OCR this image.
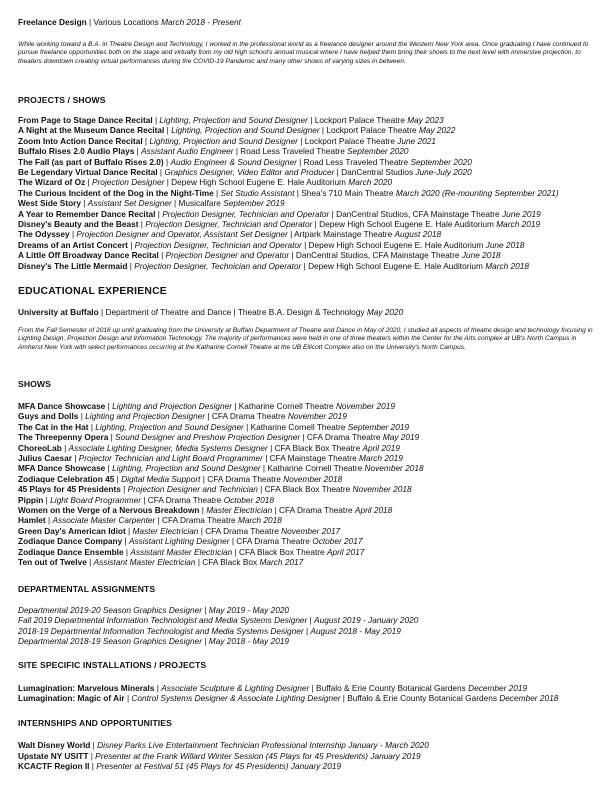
Freelance Design | Various Locations March 2018 - Present
While working toward a B.A. in Theatre Design and Technology, I worked in the professional world as a freelance designer around the Western New York area. Once graduating I have continued to pursue freelance opportunities both on the stage and virtually from my old high school's annual musical where I have helped them bring their shows to the next level with immersive projection, to theaters downtown creating virtual performances during the COVID-19 Pandemic and many other shows of varying sizes in between.
PROJECTS / SHOWS
From Page to Stage Dance Recital | Lighting, Projection and Sound Designer | Lockport Palace Theatre May 2023
A Night at the Museum Dance Recital | Lighting, Projection and Sound Designer | Lockport Palace Theatre May 2022
Zoom Into Action Dance Recital | Lighting, Projection and Sound Designer | Lockport Palace Theatre June 2021
Buffalo Rises 2.0 Audio Plays | Assistant Audio Engineer | Road Less Traveled Theatre September 2020
The Fall (as part of Buffalo Rises 2.0) | Audio Engineer & Sound Designer | Road Less Traveled Theatre September 2020
Be Legendary Virtual Dance Recital | Graphics Designer, Video Editor and Producer | DanCentral Studios June-July 2020
The Wizard of Oz | Projection Designer | Depew High School Eugene E. Hale Auditorium March 2020
The Curious Incident of the Dog in the Night-Time | Set Studio Assistant | Shea's 710 Main Theatre March 2020 (Re-mounting September 2021)
West Side Story | Assistant Set Designer | Musicalfare September 2019
A Year to Remember Dance Recital | Projection Designer, Technician and Operator | DanCentral Studios, CFA Mainstage Theatre June 2019
Disney's Beauty and the Beast | Projection Designer, Technician and Operator | Depew High School Eugene E. Hale Auditorium March 2019
The Odyssey | Projection Designer and Operator, Assistant Set Designer | Artpark Mainstage Theatre August 2018
Dreams of an Artist Concert | Projection Designer, Technician and Operator | Depew High School Eugene E. Hale Auditorium June 2018
A Little Off Broadway Dance Recital | Projection Designer and Operator | DanCentral Studios, CFA Mainstage Theatre June 2018
Disney's The Little Mermaid | Projection Designer, Technician and Operator | Depew High School Eugene E. Hale Auditorium March 2018
EDUCATIONAL EXPERIENCE
University at Buffalo | Department of Theatre and Dance | Theatre B.A. Design & Technology May 2020
From the Fall Semester of 2016 up until graduating from the University at Buffalo Department of Theatre and Dance in May of 2020, I studied all aspects of theatre design and technology focusing in Lighting Design, Projection Design and Information Technology. The majority of performances were held in one of three theaters within the Center for the Arts complex at UB's North Campus in Amherst New York with select performances occurring at the Katharine Cornell Theatre at the UB Ellicott Complex also on the University's North Campus.
SHOWS
MFA Dance Showcase | Lighting and Projection Designer | Katharine Cornell Theatre November 2019
Guys and Dolls | Lighting and Projection Designer | CFA Drama Theatre November 2019
The Cat in the Hat | Lighting, Projection and Sound Designer | Katharine Cornell Theatre September 2019
The Threepenny Opera | Sound Designer and Preshow Projection Designer | CFA Drama Theatre May 2019
ChoreoLab | Associate Lighting Designer, Media Systems Designer | CFA Black Box Theatre April 2019
Julius Caesar | Projector Technician and Light Board Programmer | CFA Mainstage Theatre March 2019
MFA Dance Showcase | Lighting, Projection and Sound Designer | Katharine Cornell Theatre November 2018
Zodiaque Celebration 45 | Digital Media Support | CFA Drama Theatre November 2018
45 Plays for 45 Presidents | Projection Designer and Technician | CFA Black Box Theatre November 2018
Pippin | Light Board Programmer | CFA Drama Theatre October 2018
Women on the Verge of a Nervous Breakdown | Master Electrician | CFA Drama Theatre April 2018
Hamlet | Associate Master Carpenter | CFA Drama Theatre March 2018
Green Day's American Idiot | Master Electrician | CFA Drama Theatre November 2017
Zodiaque Dance Company | Assistant Lighting Designer | CFA Drama Theatre October 2017
Zodiaque Dance Ensemble | Assistant Master Electrician | CFA Black Box Theatre April 2017
Ten out of Twelve | Assistant Master Electrician | CFA Black Box March 2017
DEPARTMENTAL ASSIGNMENTS
Departmental 2019-20 Season Graphics Designer | May 2019 - May 2020
Fall 2019 Departmental Information Technologist and Media Systems Designer | August 2019 - January 2020
2018-19 Departmental Information Technologist and Media Systems Designer | August 2018 - May 2019
Departmental 2018-19 Season Graphics Designer | May 2018 - May 2019
SITE SPECIFIC INSTALLATIONS / PROJECTS
Lumagination: Marvelous Minerals | Associate Sculpture & Lighting Designer | Buffalo & Erie County Botanical Gardens December 2019
Lumagination: Magic of Air | Control Systems Designer & Associate Lighting Designer | Buffalo & Erie County Botanical Gardens December 2018
INTERNSHIPS AND OPPORTUNITIES
Walt Disney World | Disney Parks Live Entertainment Technician Professional Internship January - March 2020
Upstate NY USITT | Presenter at the Frank Willard Winter Session (45 Plays for 45 Presidents) January 2019
KCACTF Region II | Presenter at Festival 51 (45 Plays for 45 Presidents) January 2019
